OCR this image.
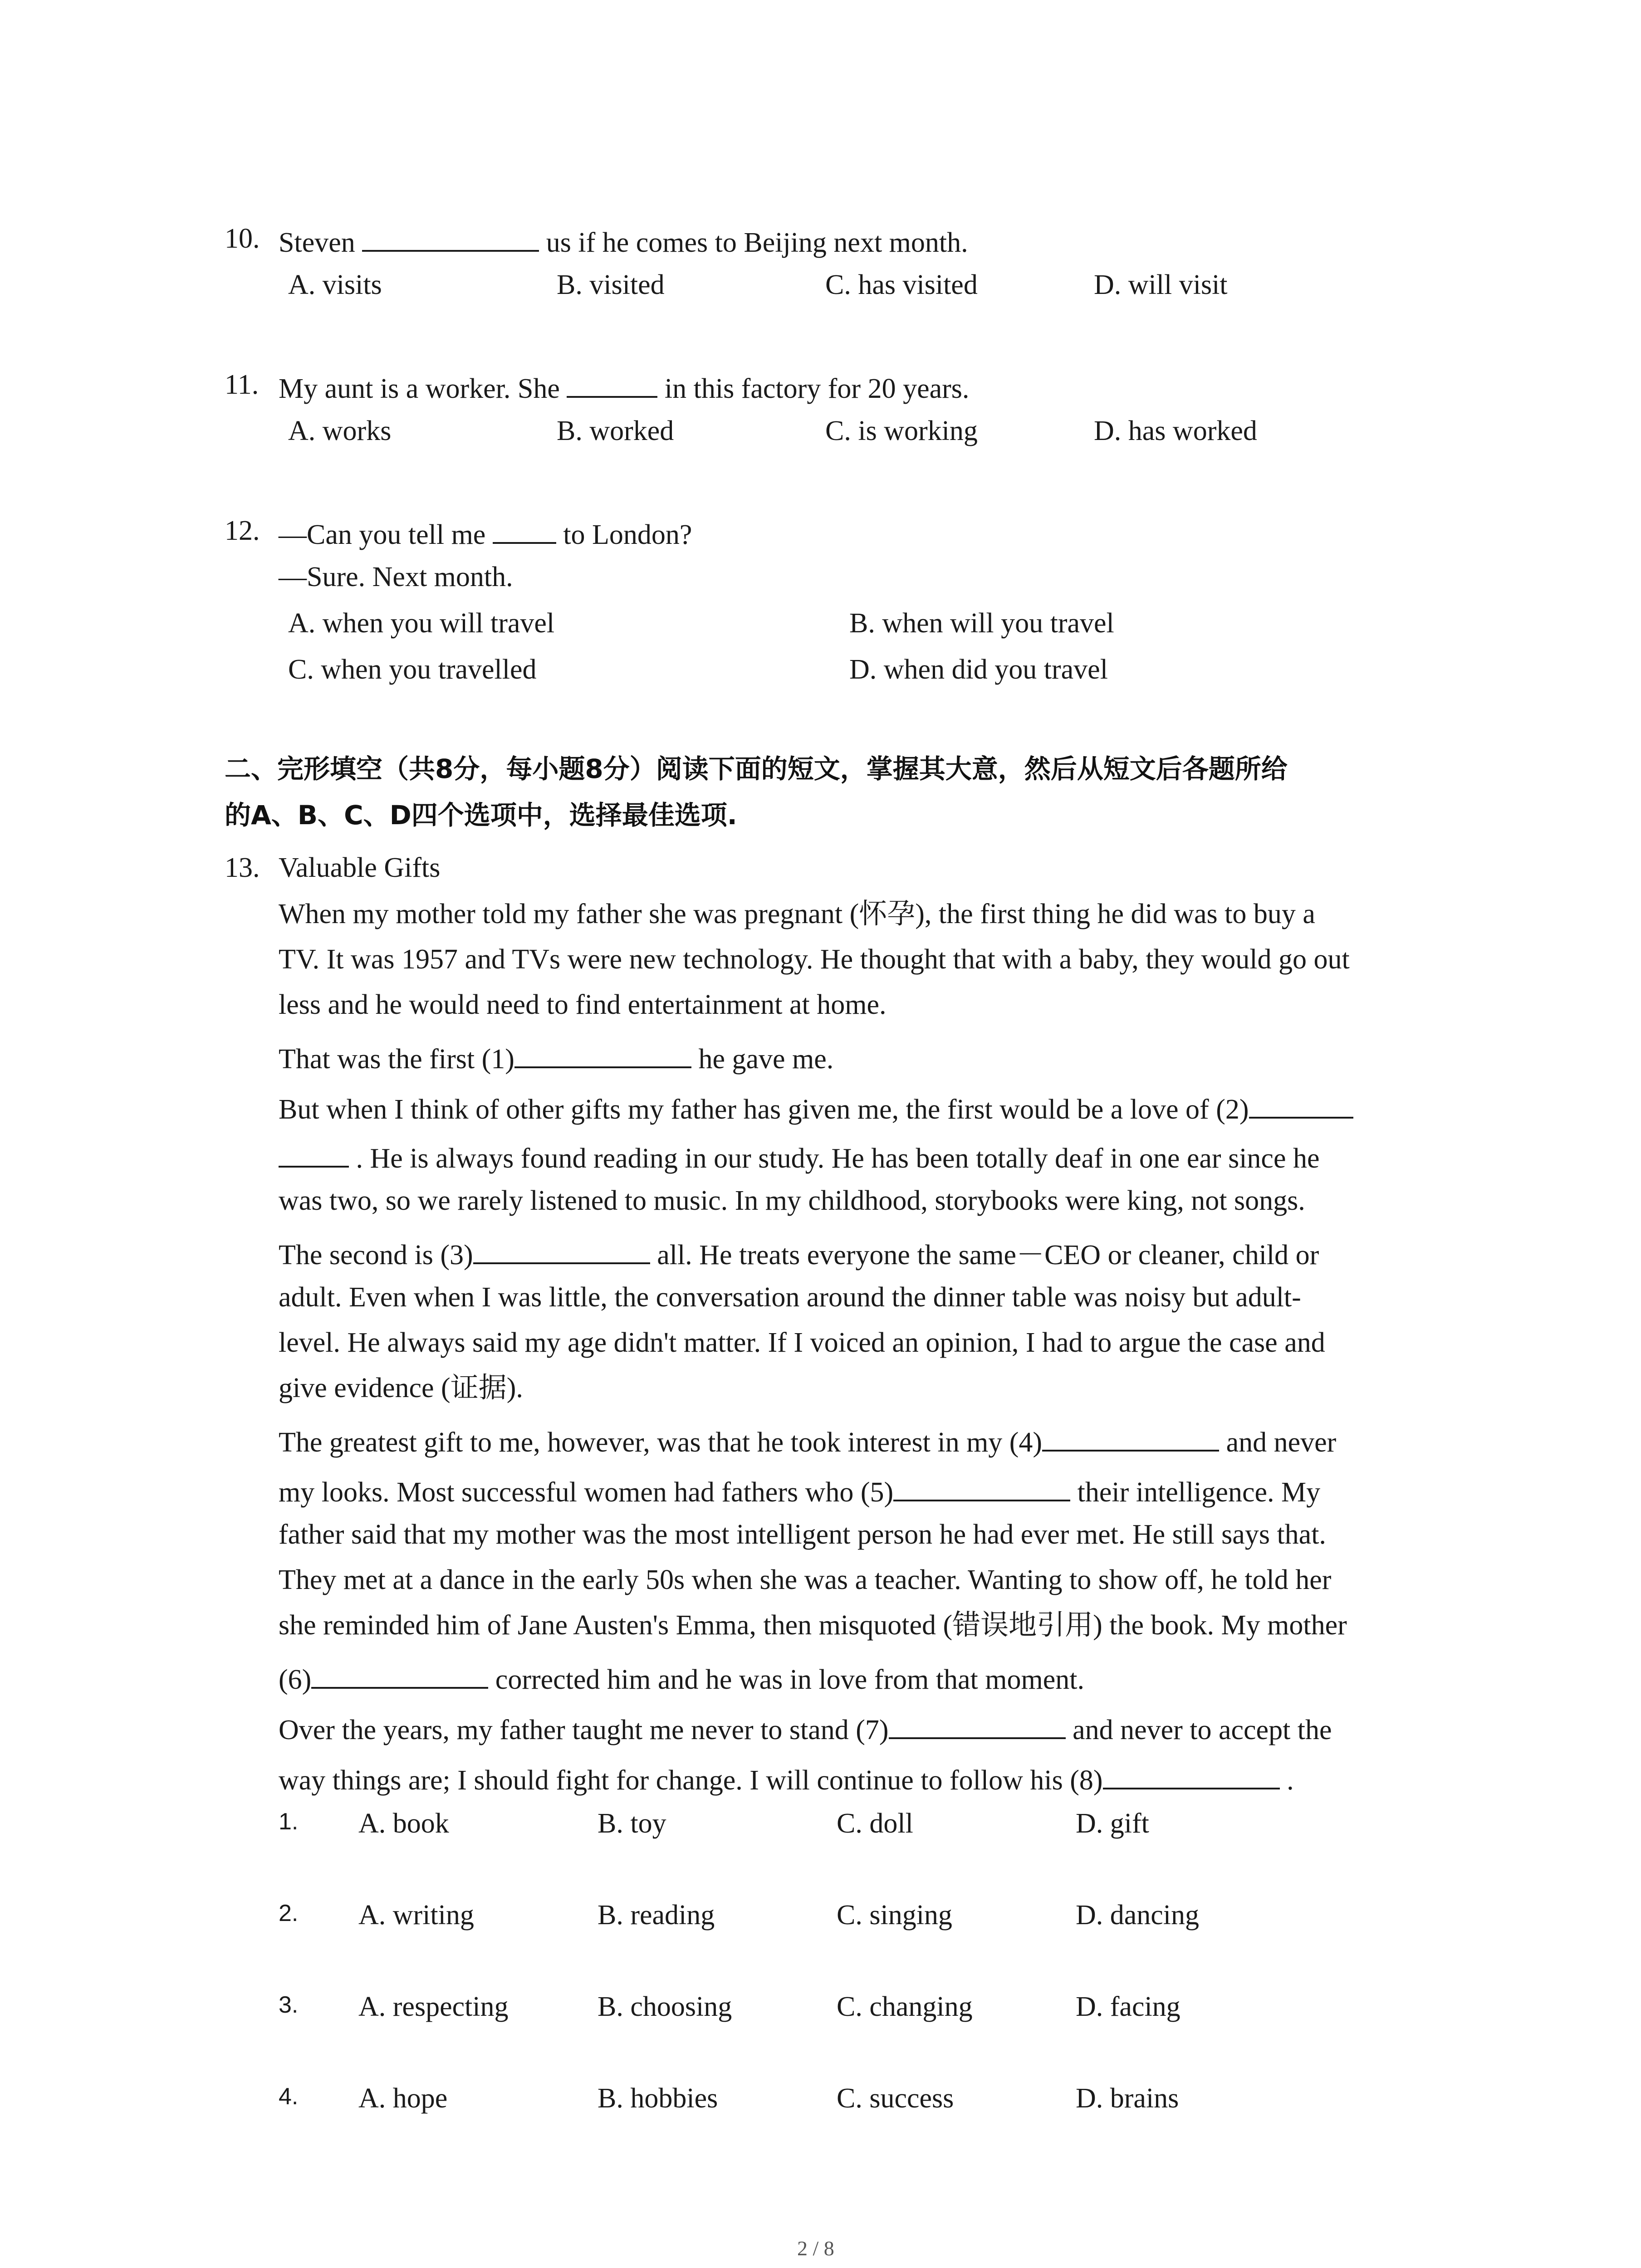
10. Steven	us if he comes to Beijing next month.
A. visits	B. visited	C. has visited	D. will visit
11. My aunt is a worker. She	in this factory for 20 years.
A. works	B. worked	C. is working	D. has worked
12. —Can you tell me	to London?
—Sure. Next month.
A. when you will travel	B. when will you travel
C. when you travelled	D. when did you travel
二、完形填空（共8分，每小题8分）阅读下面的短文，掌握其大意，然后从短文后各题所给
的A、B、C、D四个选项中，选择最佳选项.
13. Valuable Gifts
When my mother told my father she was pregnant (怀孕), the first thing he did was to buy a
TV. It was 1957 and TVs were new technology. He thought that with a baby, they would go out
less and he would need to find entertainment at home.
That was the first (1)	he gave me.
But when I think of other gifts my father has given me, the first would be a love of (2)
. He is always found reading in our study. He has been totally deaf in one ear since he
was two, so we rarely listened to music. In my childhood, storybooks were king, not songs.
The second is (3)	all. He treats everyone the same－CEO or cleaner, child or
adult. Even when I was little, the conversation around the dinner table was noisy but adult-
level. He always said my age didn't matter. If I voiced an opinion, I had to argue the case and
give evidence (证据).
The greatest gift to me, however, was that he took interest in my (4)	and never
my looks. Most successful women had fathers who (5)	their intelligence. My
father said that my mother was the most intelligent person he had ever met. He still says that.
They met at a dance in the early 50s when she was a teacher. Wanting to show off, he told her
she reminded him of Jane Austen's Emma, then misquoted (错误地引用) the book. My mother
(6)	corrected him and he was in love from that moment.
Over the years, my father taught me never to stand (7)	and never to accept the
way things are; I should fight for change. I will continue to follow his (8)	.
1. A. book	B. toy	C. doll	D. gift
2. A. writing	B. reading	C. singing	D. dancing
3. A. respecting	B. choosing	C. changing	D. facing
4. A. hope	B. hobbies	C. success	D. brains
2 / 8
